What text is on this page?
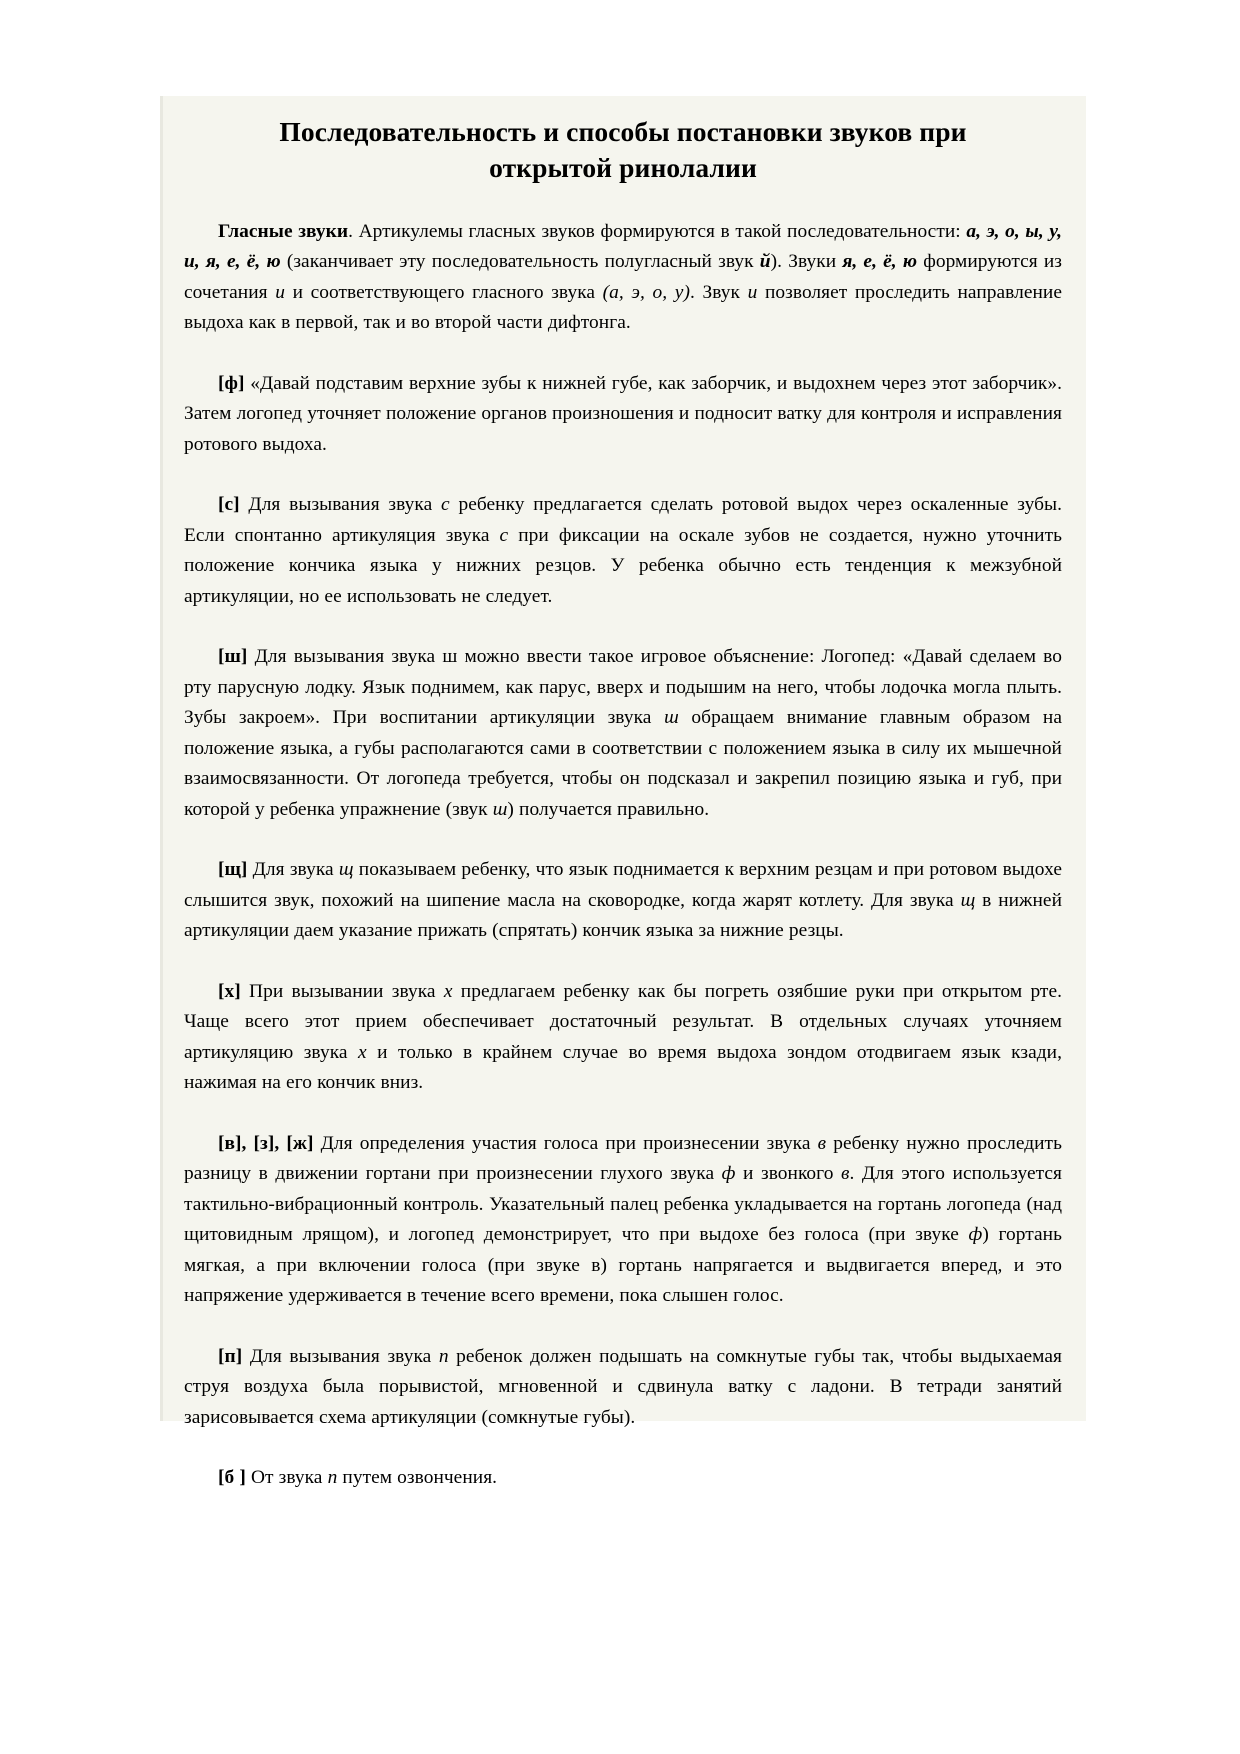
Последовательность и способы постановки звуков при открытой ринолалии

Гласные звуки. Артикулемы гласных звуков формируются в такой последовательности: а, э, о, ы, у, и, я, е, ё, ю (заканчивает эту последовательность полугласный звук й). Звуки я, е, ё, ю формируются из сочетания и и соответствующего гласного звука (а, э, о, у). Звук и позволяет проследить направление выдоха как в первой, так и во второй части дифтонга.

[ф] «Давай подставим верхние зубы к нижней губе, как заборчик, и выдохнем через этот заборчик». Затем логопед уточняет положение органов произношения и подносит ватку для контроля и исправления ротового выдоха.

[с] Для вызывания звука с ребенку предлагается сделать ротовой выдох через оскаленные зубы. Если спонтанно артикуляция звука с при фиксации на оскале зубов не создается, нужно уточнить положение кончика языка у нижних резцов. У ребенка обычно есть тенденция к межзубной артикуляции, но ее использовать не следует.

[ш] Для вызывания звука ш можно ввести такое игровое объяснение: Логопед: «Давай сделаем во рту парусную лодку. Язык поднимем, как парус, вверх и подышим на него, чтобы лодочка могла плыть. Зубы закроем». При воспитании артикуляции звука ш обращаем внимание главным образом на положение языка, а губы располагаются сами в соответствии с положением языка в силу их мышечной взаимосвязанности. От логопеда требуется, чтобы он подсказал и закрепил позицию языка и губ, при которой у ребенка упражнение (звук ш) получается правильно.

[щ] Для звука щ показываем ребенку, что язык поднимается к верхним резцам и при ротовом выдохе слышится звук, похожий на шипение масла на сковородке, когда жарят котлету. Для звука щ в нижней артикуляции даем указание прижать (спрятать) кончик языка за нижние резцы.

[х] При вызывании звука х предлагаем ребенку как бы погреть озябшие руки при открытом рте. Чаще всего этот прием обеспечивает достаточный результат. В отдельных случаях уточняем артикуляцию звука х и только в крайнем случае во время выдоха зондом отодвигаем язык кзади, нажимая на его кончик вниз.

[в], [з], [ж] Для определения участия голоса при произнесении звука в ребенку нужно проследить разницу в движении гортани при произнесении глухого звука ф и звонкого в. Для этого используется тактильно-вибрационный контроль. Указательный палец ребенка укладывается на гортань логопеда (над щитовидным лрящом), и логопед демонстрирует, что при выдохе без голоса (при звуке ф) гортань мягкая, а при включении голоса (при звуке в) гортань напрягается и выдвигается вперед, и это напряжение удерживается в течение всего времени, пока слышен голос.

[п] Для вызывания звука п ребенок должен подышать на сомкнутые губы так, чтобы выдыхаемая струя воздуха была порывистой, мгновенной и сдвинула ватку с ладони. В тетради занятий зарисовывается схема артикуляции (сомкнутые губы).

[б ] От звука п путем озвончения.
